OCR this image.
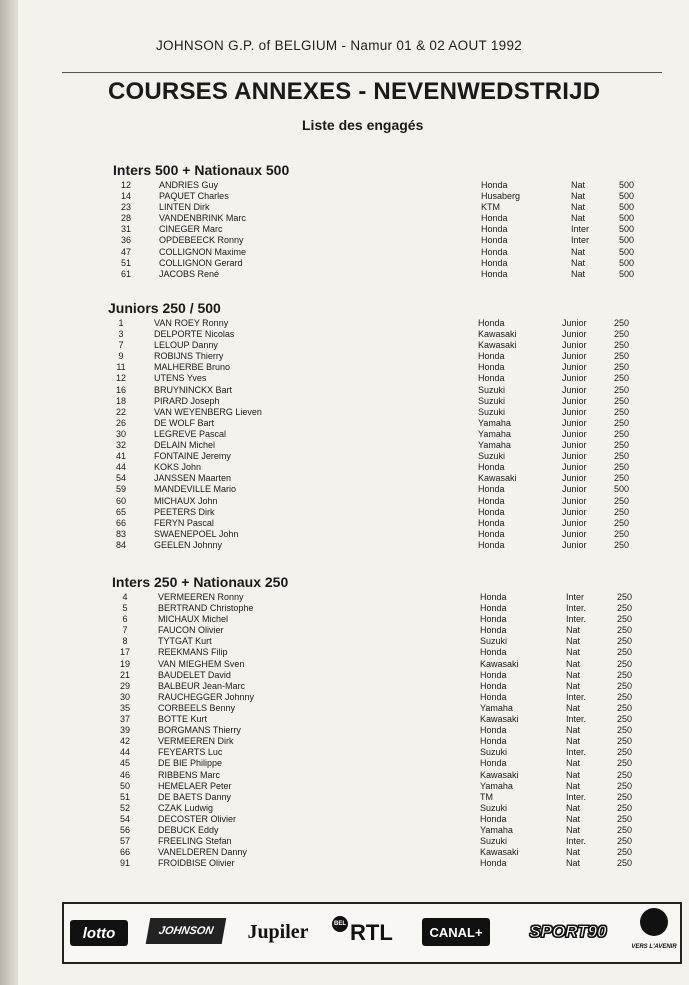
JOHNSON G.P. of BELGIUM - Namur 01 & 02 AOUT 1992
COURSES ANNEXES - NEVENWEDSTRIJD
Liste des engagés
Inters 500 + Nationaux 500
12	ANDRIES Guy	Honda	Nat	500
14	PAQUET Charles	Husaberg	Nat	500
23	LINTEN Dirk	KTM	Nat	500
28	VANDENBRINK Marc	Honda	Nat	500
31	CINEGER Marc	Honda	Inter	500
36	OPDEBEECK Ronny	Honda	Inter	500
47	COLLIGNON Maxime	Honda	Nat	500
51	COLLIGNON Gerard	Honda	Nat	500
61	JACOBS René	Honda	Nat	500
Juniors 250 / 500
1	VAN ROEY Ronny	Honda	Junior	250
3	DELPORTE Nicolas	Kawasaki	Junior	250
7	LELOUP Danny	Kawasaki	Junior	250
9	ROBIJNS Thierry	Honda	Junior	250
11	MALHERBE Bruno	Honda	Junior	250
12	UTENS Yves	Honda	Junior	250
16	BRUYNINCKX Bart	Suzuki	Junior	250
18	PIRARD Joseph	Suzuki	Junior	250
22	VAN WEYENBERG Lieven	Suzuki	Junior	250
26	DE WOLF Bart	Yamaha	Junior	250
30	LEGREVE Pascal	Yamaha	Junior	250
32	DELAIN Michel	Yamaha	Junior	250
41	FONTAINE Jeremy	Suzuki	Junior	250
44	KOKS John	Honda	Junior	250
54	JANSSEN Maarten	Kawasaki	Junior	250
59	MANDEVILLE Mario	Honda	Junior	500
60	MICHAUX John	Honda	Junior	250
65	PEETERS Dirk	Honda	Junior	250
66	FERYN Pascal	Honda	Junior	250
83	SWAENEPOEL John	Honda	Junior	250
84	GEELEN Johnny	Honda	Junior	250
Inters 250 + Nationaux 250
4	VERMEEREN Ronny	Honda	Inter	250
5	BERTRAND Christophe	Honda	Inter.	250
6	MICHAUX Michel	Honda	Inter.	250
7	FAUCON Olivier	Honda	Nat	250
8	TYTGAT Kurt	Suzuki	Nat	250
17	REEKMANS Filip	Honda	Nat	250
19	VAN MIEGHEM Sven	Kawasaki	Nat	250
21	BAUDELET David	Honda	Nat	250
29	BALBEUR Jean-Marc	Honda	Nat	250
30	RAUCHEGGER Johnny	Honda	Inter.	250
35	CORBEELS Benny	Yamaha	Nat	250
37	BOTTE Kurt	Kawasaki	Inter.	250
39	BORGMANS Thierry	Honda	Nat	250
42	VERMEEREN Dirk	Honda	Nat	250
44	FEYEARTS Luc	Suzuki	Inter.	250
45	DE BIE Philippe	Honda	Nat	250
46	RIBBENS Marc	Kawasaki	Nat	250
50	HEMELAER Peter	Yamaha	Nat	250
51	DE BAETS Danny	TM	Inter.	250
52	CZAK Ludwig	Suzuki	Nat	250
54	DECOSTER Olivier	Honda	Nat	250
56	DEBUCK Eddy	Yamaha	Nat	250
57	FREELING Stefan	Suzuki	Inter.	250
66	VANELDEREN Danny	Kawasaki	Nat	250
91	FROIDBISE Olivier	Honda	Nat	250
lotto	JOHNSON	Jupiler	BEL RTL	CANAL+	SPORT90
VERS L'AVENIR
